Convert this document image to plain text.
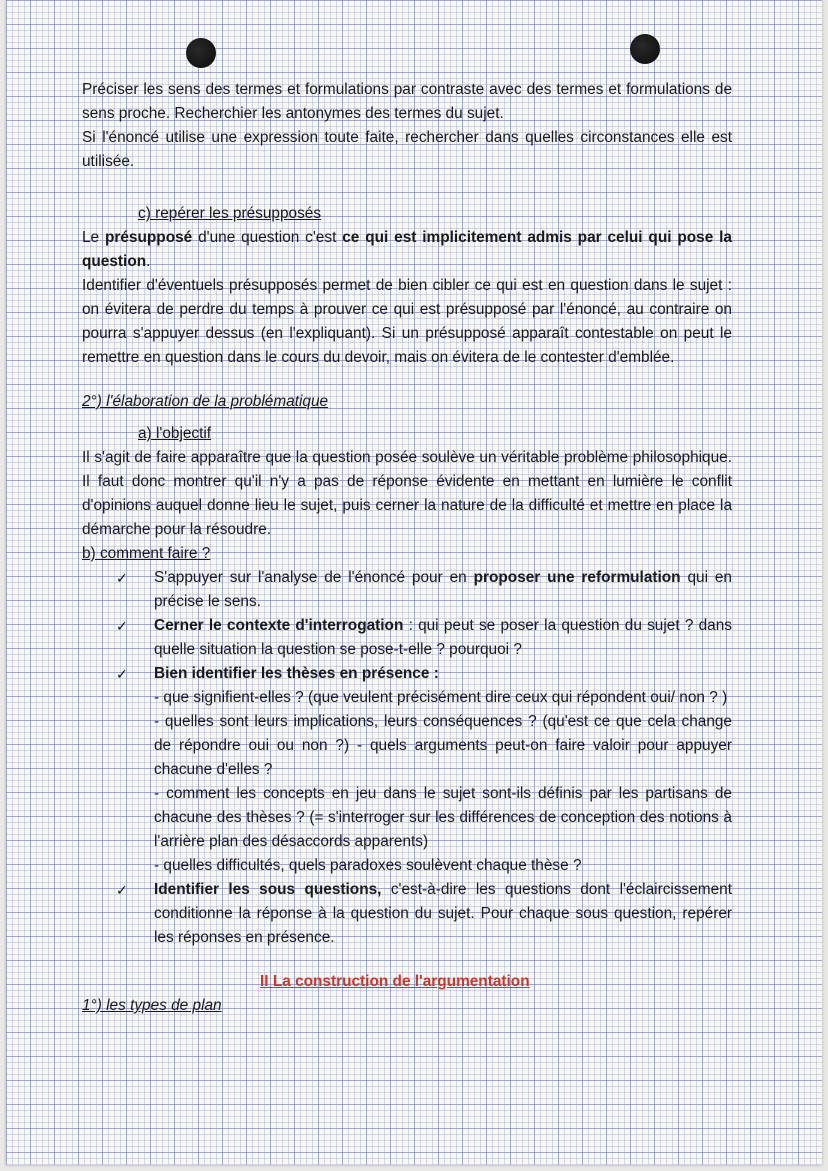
Préciser les sens des termes et formulations par contraste avec des termes et formulations de sens proche. Recherchier les antonymes des termes du sujet.

Si l'énoncé utilise une expression toute faite, rechercher dans quelles circonstances elle est utilisée.

c) repérer les présupposés

Le présupposé d'une question c'est ce qui est implicitement admis par celui qui pose la question.

Identifier d'éventuels présupposés permet de bien cibler ce qui est en question dans le sujet : on évitera de perdre du temps à prouver ce qui est présupposé par l'énoncé, au contraire on pourra s'appuyer dessus (en l'expliquant). Si un présupposé apparaît contestable on peut le remettre en question dans le cours du devoir, mais on évitera de le contester d'emblée.

2°) l'élaboration de la problématique

a) l'objectif

Il s'agit de faire apparaître que la question posée soulève un véritable problème philosophique. Il faut donc montrer qu'il n'y a pas de réponse évidente en mettant en lumière le conflit d'opinions auquel donne lieu le sujet, puis cerner la nature de la difficulté et mettre en place la démarche pour la résoudre.

b) comment faire ?

✓	S'appuyer sur l'analyse de l'énoncé pour en proposer une reformulation qui en précise le sens.

✓	Cerner le contexte d'interrogation : qui peut se poser la question du sujet ? dans quelle situation la question se pose-t-elle ? pourquoi ?

✓	Bien identifier les thèses en présence :

- que signifient-elles ? (que veulent précisément dire ceux qui répondent oui/ non ? )

- quelles sont leurs implications, leurs conséquences ? (qu'est ce que cela change de répondre oui ou non ?) - quels arguments peut-on faire valoir pour appuyer chacune d'elles ?

- comment les concepts en jeu dans le sujet sont-ils définis par les partisans de chacune des thèses ? (= s'interroger sur les différences de conception des notions à l'arrière plan des désaccords apparents)

- quelles difficultés, quels paradoxes soulèvent chaque thèse ?

✓	Identifier les sous questions, c'est-à-dire les questions dont l'éclaircissement conditionne la réponse à la question du sujet. Pour chaque sous question, repérer les réponses en présence.

II La construction de l'argumentation

1°) les types de plan
